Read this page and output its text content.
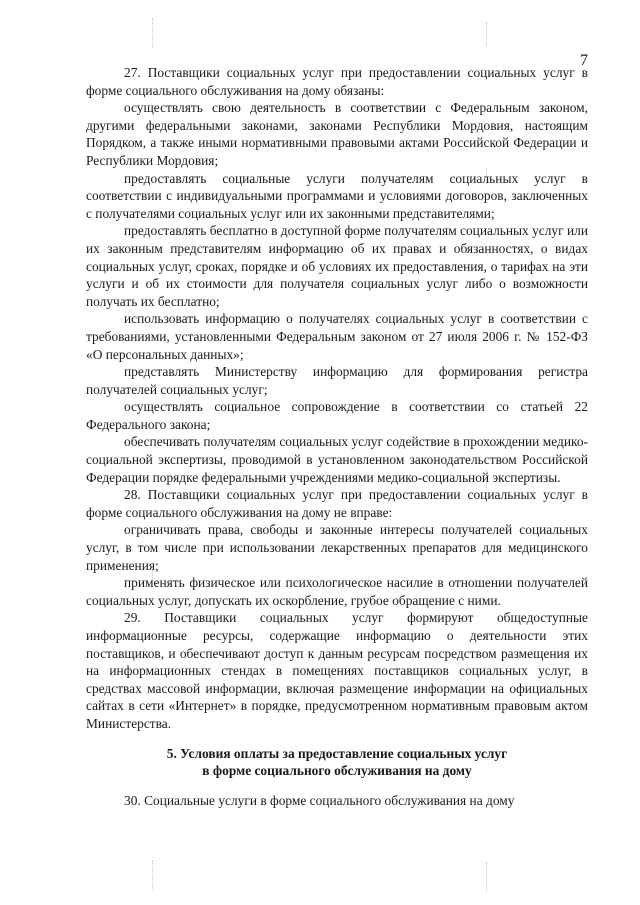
7

27. Поставщики социальных услуг при предоставлении социальных услуг в форме социального обслуживания на дому обязаны:

осуществлять свою деятельность в соответствии с Федеральным законом, другими федеральными законами, законами Республики Мордовия, настоящим Порядком, а также иными нормативными правовыми актами Российской Федерации и Республики Мордовия;

предоставлять социальные услуги получателям социальных услуг в соответствии с индивидуальными программами и условиями договоров, заключенных с получателями социальных услуг или их законными представителями;

предоставлять бесплатно в доступной форме получателям социальных услуг или их законным представителям информацию об их правах и обязанностях, о видах социальных услуг, сроках, порядке и об условиях их предоставления, о тарифах на эти услуги и об их стоимости для получателя социальных услуг либо о возможности получать их бесплатно;

использовать информацию о получателях социальных услуг в соответствии с требованиями, установленными Федеральным законом от 27 июля 2006 г. № 152-ФЗ «О персональных данных»;

представлять Министерству информацию для формирования регистра получателей социальных услуг;

осуществлять социальное сопровождение в соответствии со статьей 22 Федерального закона;

обеспечивать получателям социальных услуг содействие в прохождении медико-социальной экспертизы, проводимой в установленном законодательством Российской Федерации порядке федеральными учреждениями медико-социальной экспертизы.

28. Поставщики социальных услуг при предоставлении социальных услуг в форме социального обслуживания на дому не вправе:

ограничивать права, свободы и законные интересы получателей социальных услуг, в том числе при использовании лекарственных препаратов для медицинского применения;

применять физическое или психологическое насилие в отношении получателей социальных услуг, допускать их оскорбление, грубое обращение с ними.

29. Поставщики социальных услуг формируют общедоступные информационные ресурсы, содержащие информацию о деятельности этих поставщиков, и обеспечивают доступ к данным ресурсам посредством размещения их на информационных стендах в помещениях поставщиков социальных услуг, в средствах массовой информации, включая размещение информации на официальных сайтах в сети «Интернет» в порядке, предусмотренном нормативным правовым актом Министерства.

5. Условия оплаты за предоставление социальных услуг
в форме социального обслуживания на дому

30. Социальные услуги в форме социального обслуживания на дому
